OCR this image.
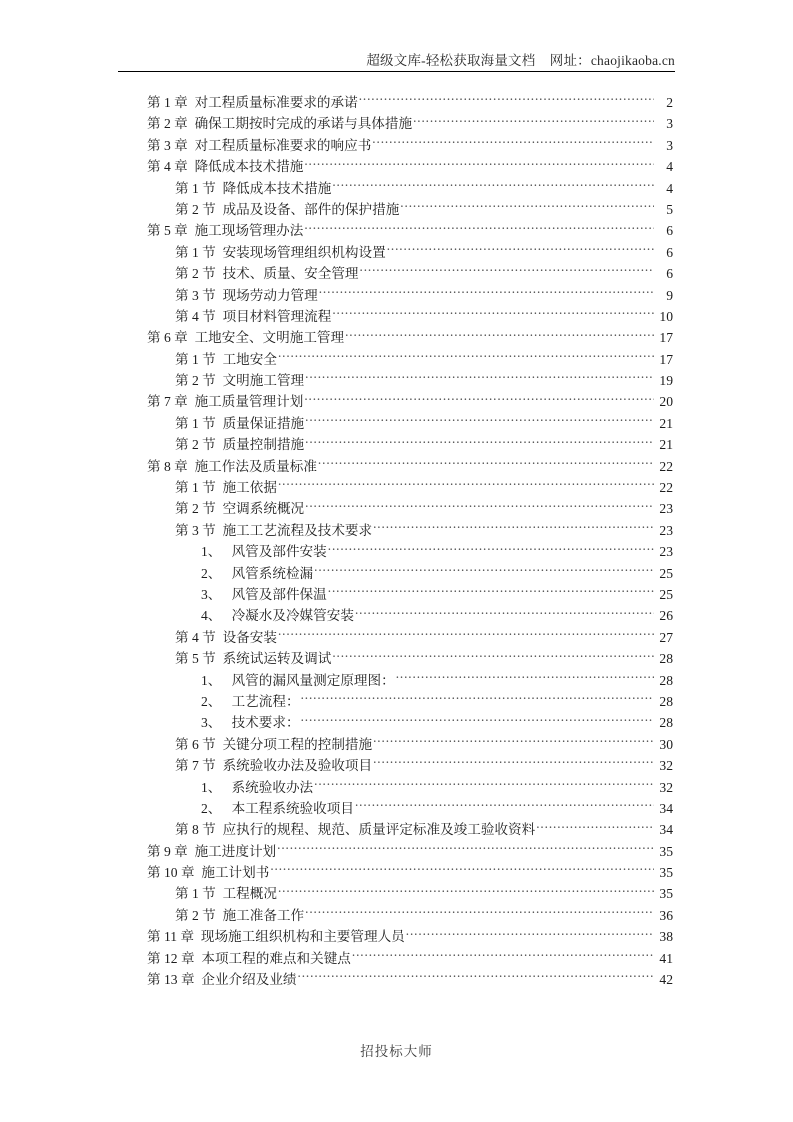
超级文库-轻松获取海量文档    网址：chaojikaoba.cn
第 1 章  对工程质量标准要求的承诺 .....	2
第 2 章  确保工期按时完成的承诺与具体措施 .....	3
第 3 章  对工程质量标准要求的响应书 .....	3
第 4 章  降低成本技术措施 .....	4
第 1 节  降低成本技术措施 .....	4
第 2 节  成品及设备、部件的保护措施 .....	5
第 5 章  施工现场管理办法 .....	6
第 1 节  安装现场管理组织机构设置 .....	6
第 2 节  技术、质量、安全管理 .....	6
第 3 节  现场劳动力管理 .....	9
第 4 节  项目材料管理流程 .....	10
第 6 章  工地安全、文明施工管理 .....	17
第 1 节  工地安全 .....	17
第 2 节  文明施工管理 .....	19
第 7 章  施工质量管理计划 .....	20
第 1 节  质量保证措施 .....	21
第 2 节  质量控制措施 .....	21
第 8 章  施工作法及质量标准 .....	22
第 1 节  施工依据 .....	22
第 2 节  空调系统概况 .....	23
第 3 节  施工工艺流程及技术要求 .....	23
1、   风管及部件安装 .....	23
2、   风管系统检漏 .....	25
3、   风管及部件保温 .....	25
4、   冷凝水及冷媒管安装 .....	26
第 4 节  设备安装 .....	27
第 5 节  系统试运转及调试 .....	28
1、   风管的漏风量测定原理图： .....	28
2、   工艺流程： .....	28
3、   技术要求： .....	28
第 6 节  关键分项工程的控制措施 .....	30
第 7 节  系统验收办法及验收项目 .....	32
1、   系统验收办法 .....	32
2、   本工程系统验收项目 .....	34
第 8 节  应执行的规程、规范、质量评定标准及竣工验收资料 .....	34
第 9 章  施工进度计划 .....	35
第 10 章  施工计划书 .....	35
第 1 节  工程概况 .....	35
第 2 节  施工准备工作 .....	36
第 11 章  现场施工组织机构和主要管理人员 .....	38
第 12 章  本项工程的难点和关键点 .....	41
第 13 章  企业介绍及业绩 .....	42
招投标大师
